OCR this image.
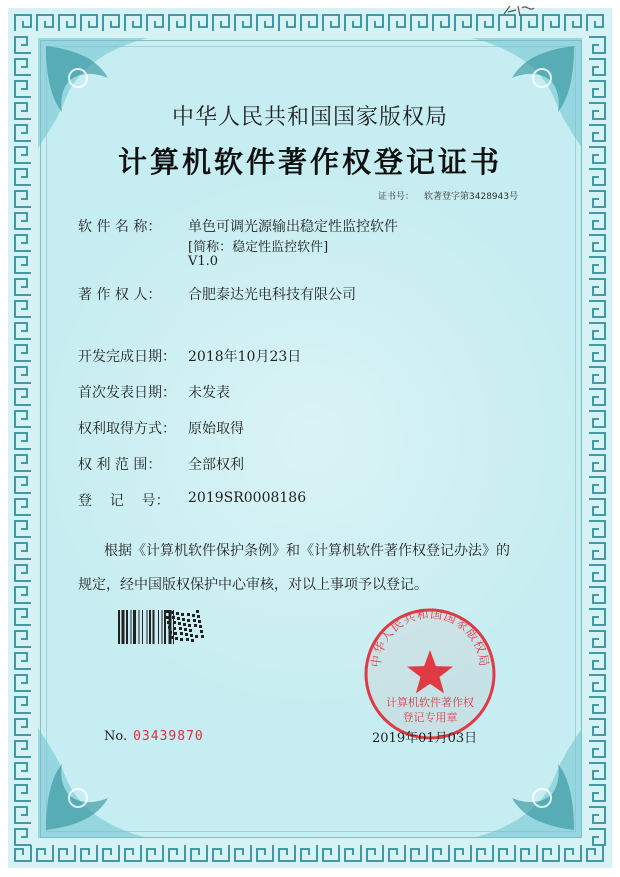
中华人民共和国国家版权局
计算机软件著作权登记证书
证书号： 软著登字第3428943号
软 件 名 称： 单色可调光源输出稳定性监控软件
[简称：稳定性监控软件]
V1.0
著 作 权 人： 合肥泰达光电科技有限公司
开发完成日期： 2018年10月23日
首次发表日期： 未发表
权利取得方式： 原始取得
权 利 范 围： 全部权利
登    记    号： 2019SR0008186
根据《计算机软件保护条例》和《计算机软件著作权登记办法》的
规定，经中国版权保护中心审核，对以上事项予以登记。
中华人民共和国国家版权局
计算机软件著作权
登记专用章
No. 03439870	2019年01月03日
